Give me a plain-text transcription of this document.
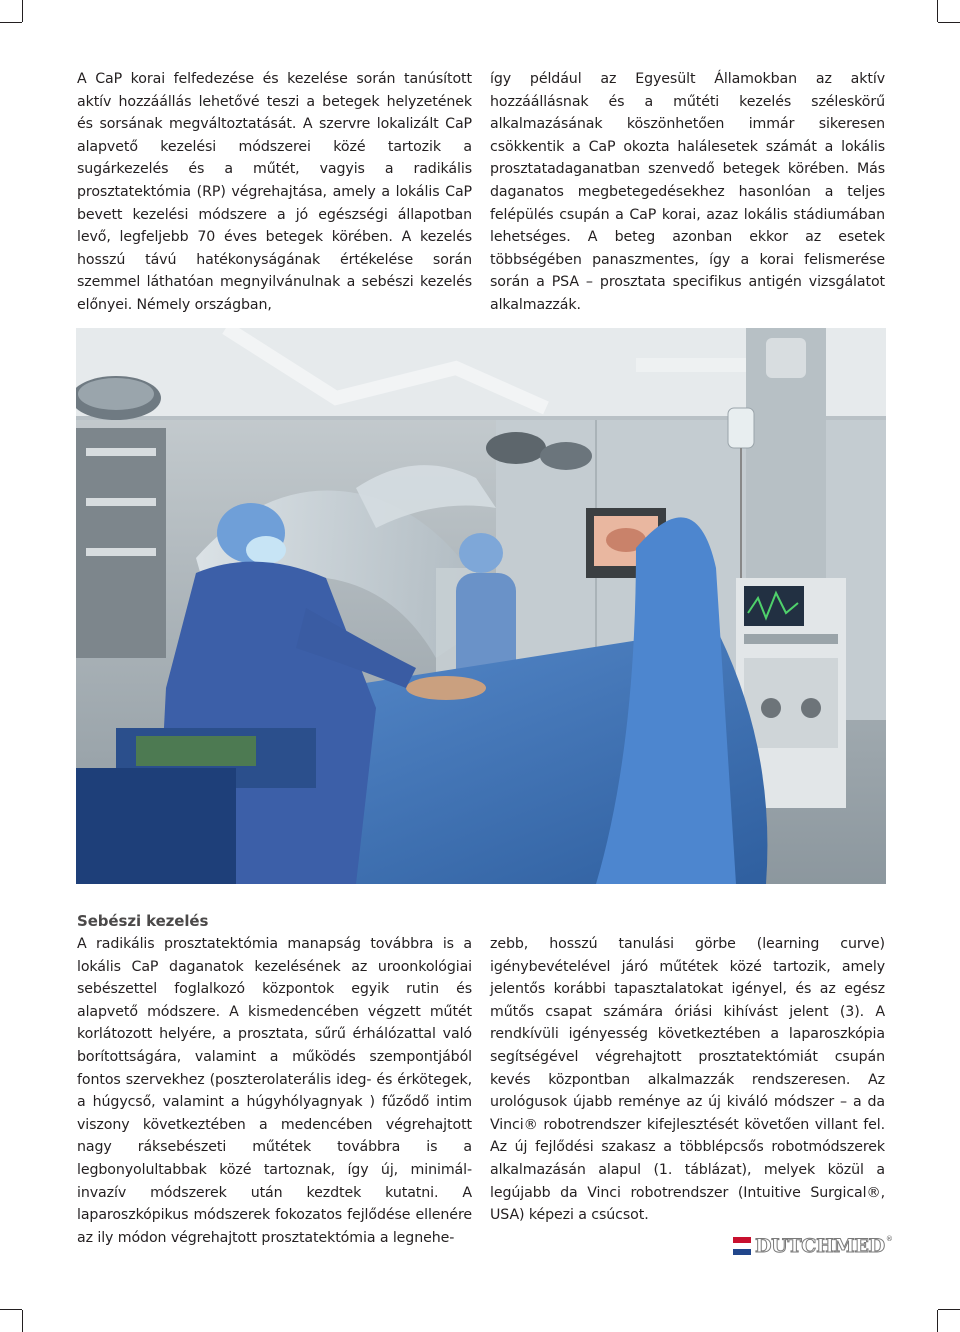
A CaP korai felfedezése és kezelése során tanúsított aktív hozzáállás lehetővé teszi a betegek helyzetének és sorsának megváltoztatását. A szervre lokalizált CaP alapvető kezelési módszerei közé tartozik a sugárkezelés és a műtét, vagyis a radikális prosztatektómia (RP) végrehajtása, amely a lokális CaP bevett kezelési módszere a jó egészségi állapotban levő, legfeljebb 70 éves betegek körében. A kezelés hosszú távú hatékonyságának értékelése során szemmel láthatóan megnyilvánulnak a sebészi kezelés előnyei. Némely országban,

így például az Egyesült Államokban az aktív hozzáállásnak és a műtéti kezelés széleskörű alkalmazásának köszönhetően immár sikeresen csökkentik a CaP okozta halálesetek számát a lokális prosztatadaganatban szenvedő betegek körében. Más daganatos megbetegedésekhez hasonlóan a teljes felépülés csupán a CaP korai, azaz lokális stádiumában lehetséges. A beteg azonban ekkor az esetek többségében panaszmentes, így a korai felismerése során a PSA – prosztata specifikus antigén vizsgálatot alkalmazzák.

Sebészi kezelés

A radikális prosztatektómia manapság továbbra is a lokális CaP daganatok kezelésének az uroonkológiai sebészettel foglalkozó központok egyik rutin és alapvető módszere. A kismedencében végzett műtét korlátozott helyére, a prosztata, sűrű érhálózattal való borítottságára, valamint a működés szempontjából fontos szervekhez (poszterolaterális ideg- és érkötegek, a húgycső, valamint a húgyhólyagnyak ) fűződő intim viszony következtében a medencében végrehajtott nagy ráksebészeti műtétek továbbra is a legbonyolultabbak közé tartoznak, így új, minimál-invazív módszerek után kezdtek kutatni. A laparoszkópikus módszerek fokozatos fejlődése ellenére az ily módon végrehajtott prosztatektómia a legnehe-

zebb, hosszú tanulási görbe (learning curve) igénybevételével járó műtétek közé tartozik, amely jelentős korábbi tapasztalatokat igényel, és az egész műtős csapat számára óriási kihívást jelent (3). A rendkívüli igényesség következtében a laparoszkópia segítségével végrehajtott prosztatektómiát csupán kevés központban alkalmazzák rendszeresen. Az urológusok újabb reménye az új kiváló módszer – a da Vinci® robotrendszer kifejlesztését követően villant fel. Az új fejlődési szakasz a többlépcsős robotmódszerek alkalmazásán alapul (1. táblázat), melyek közül a legújabb da Vinci robotrendszer (Intuitive Surgical®, USA) képezi a csúcsot.

DUTCHMED ®
